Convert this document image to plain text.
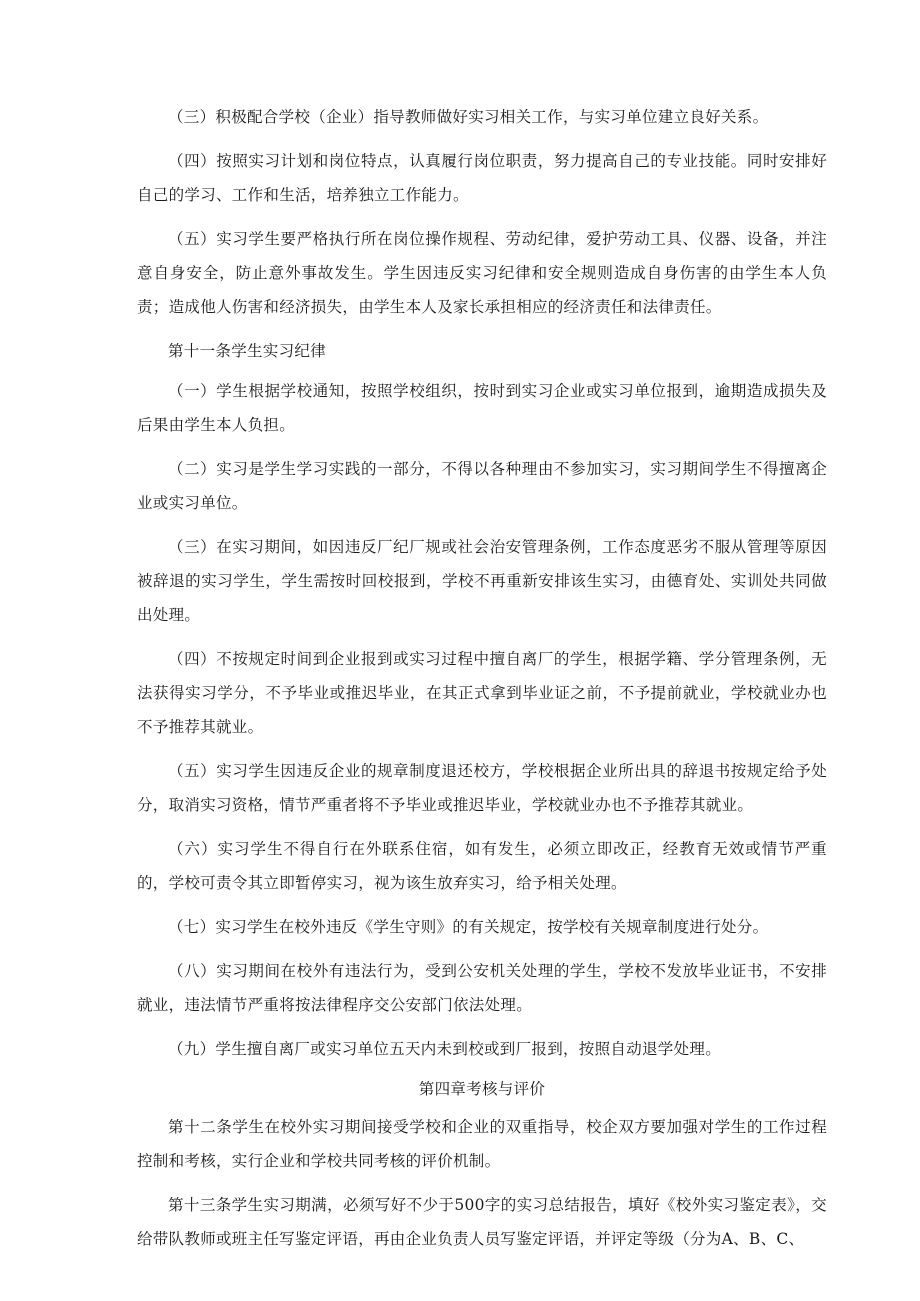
（三）积极配合学校（企业）指导教师做好实习相关工作，与实习单位建立良好关系。

（四）按照实习计划和岗位特点，认真履行岗位职责，努力提高自己的专业技能。同时安排好自己的学习、工作和生活，培养独立工作能力。

（五）实习学生要严格执行所在岗位操作规程、劳动纪律，爱护劳动工具、仪器、设备，并注意自身安全，防止意外事故发生。学生因违反实习纪律和安全规则造成自身伤害的由学生本人负责；造成他人伤害和经济损失，由学生本人及家长承担相应的经济责任和法律责任。

第十一条学生实习纪律

（一）学生根据学校通知，按照学校组织，按时到实习企业或实习单位报到，逾期造成损失及后果由学生本人负担。

（二）实习是学生学习实践的一部分，不得以各种理由不参加实习，实习期间学生不得擅离企业或实习单位。

（三）在实习期间，如因违反厂纪厂规或社会治安管理条例，工作态度恶劣不服从管理等原因被辞退的实习学生，学生需按时回校报到，学校不再重新安排该生实习，由德育处、实训处共同做出处理。

（四）不按规定时间到企业报到或实习过程中擅自离厂的学生，根据学籍、学分管理条例，无法获得实习学分，不予毕业或推迟毕业，在其正式拿到毕业证之前，不予提前就业，学校就业办也不予推荐其就业。

（五）实习学生因违反企业的规章制度退还校方，学校根据企业所出具的辞退书按规定给予处分，取消实习资格，情节严重者将不予毕业或推迟毕业，学校就业办也不予推荐其就业。

（六）实习学生不得自行在外联系住宿，如有发生，必须立即改正，经教育无效或情节严重的，学校可责令其立即暂停实习，视为该生放弃实习，给予相关处理。

（七）实习学生在校外违反《学生守则》的有关规定，按学校有关规章制度进行处分。

（八）实习期间在校外有违法行为，受到公安机关处理的学生，学校不发放毕业证书，不安排就业，违法情节严重将按法律程序交公安部门依法处理。

（九）学生擅自离厂或实习单位五天内未到校或到厂报到，按照自动退学处理。

第四章考核与评价

第十二条学生在校外实习期间接受学校和企业的双重指导，校企双方要加强对学生的工作过程控制和考核，实行企业和学校共同考核的评价机制。

第十三条学生实习期满，必须写好不少于500字的实习总结报告，填好《校外实习鉴定表》，交给带队教师或班主任写鉴定评语，再由企业负责人员写鉴定评语，并评定等级（分为A、B、C、
